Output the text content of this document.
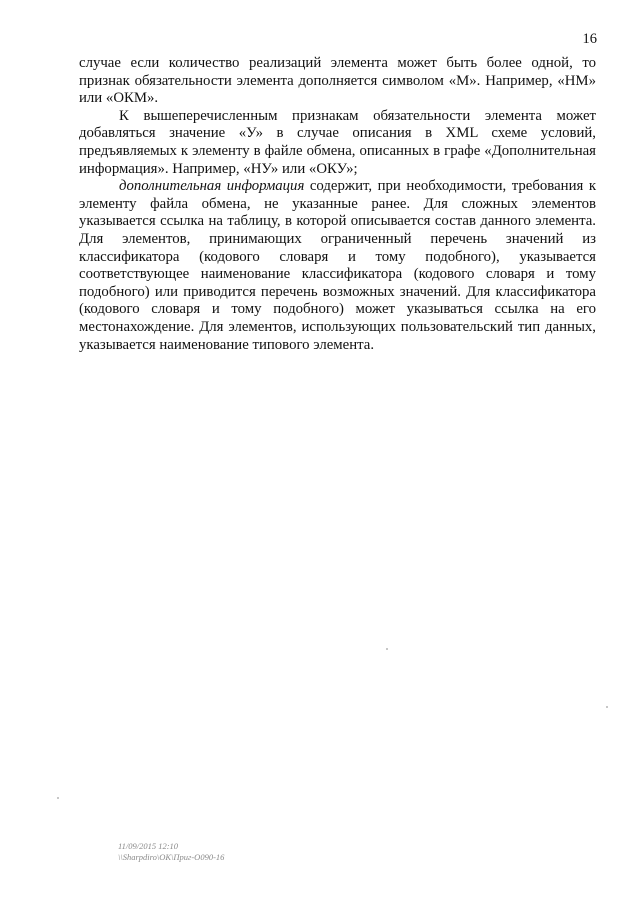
16

случае если количество реализаций элемента может быть более одной, то признак обязательности элемента дополняется символом «М». Например, «НМ» или «ОКМ».

К вышеперечисленным признакам обязательности элемента может добавляться значение «У» в случае описания в XML схеме условий, предъявляемых к элементу в файле обмена, описанных в графе «Дополнительная информация». Например, «НУ» или «ОКУ»;

дополнительная информация содержит, при необходимости, требования к элементу файла обмена, не указанные ранее. Для сложных элементов указывается ссылка на таблицу, в которой описывается состав данного элемента. Для элементов, принимающих ограниченный перечень значений из классификатора (кодового словаря и тому подобного), указывается соответствующее наименование классификатора (кодового словаря и тому подобного) или приводится перечень возможных значений. Для классификатора (кодового словаря и тому подобного) может указываться ссылка на его местонахождение. Для элементов, использующих пользовательский тип данных, указывается наименование типового элемента.

11/09/2015 12:10
\\Sharpdiro\ОК\Приг-О090-16
